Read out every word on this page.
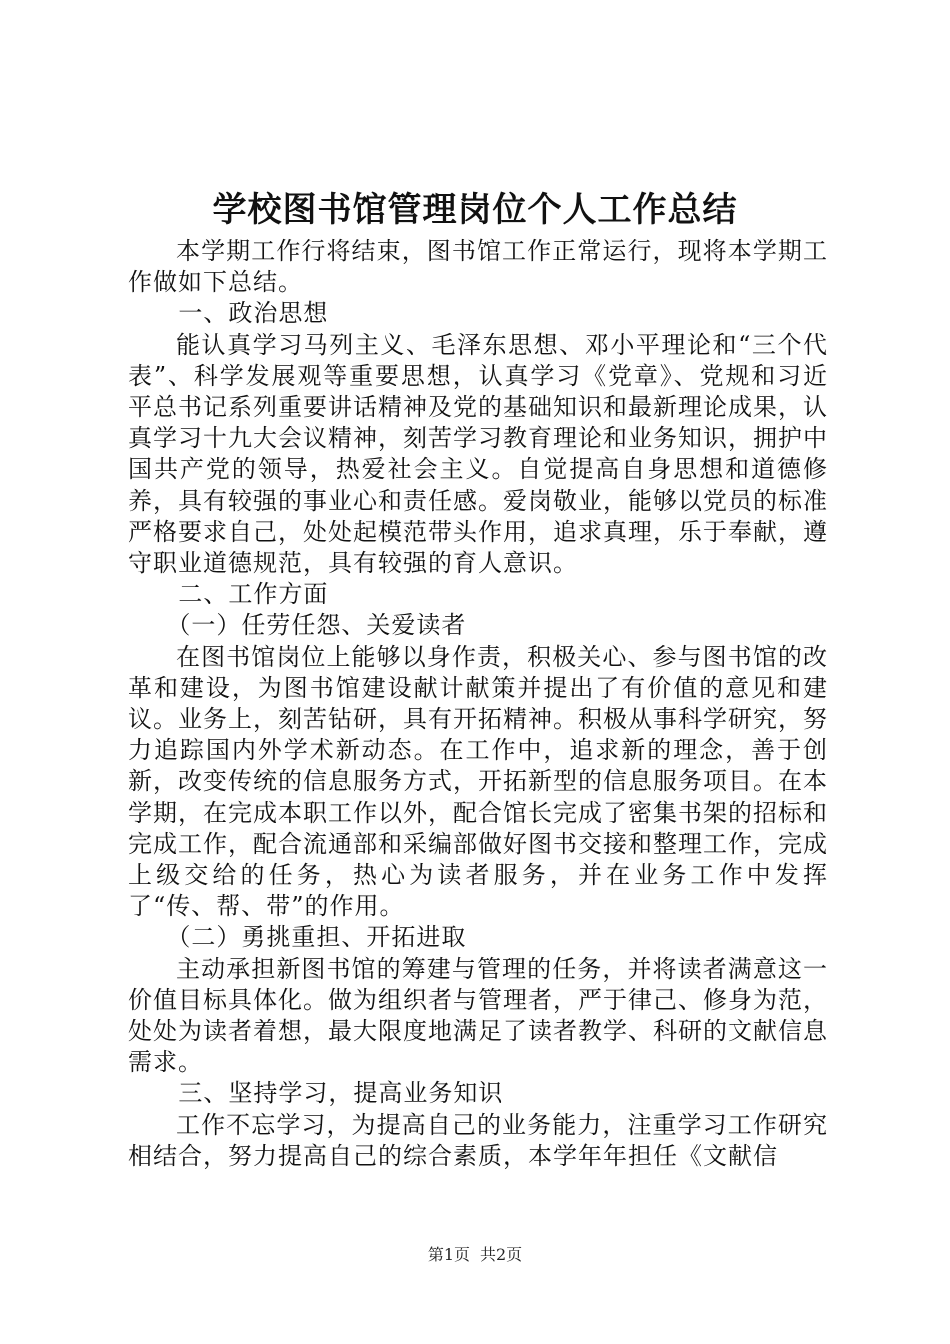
学校图书馆管理岗位个人工作总结

本学期工作行将结束，图书馆工作正常运行，现将本学期工作做如下总结。

一、政治思想

能认真学习马列主义、毛泽东思想、邓小平理论和“三个代表”、科学发展观等重要思想，认真学习《党章》、党规和习近平总书记系列重要讲话精神及党的基础知识和最新理论成果，认真学习十九大会议精神，刻苦学习教育理论和业务知识，拥护中国共产党的领导，热爱社会主义。自觉提高自身思想和道德修养，具有较强的事业心和责任感。爱岗敬业，能够以党员的标准严格要求自己，处处起模范带头作用，追求真理，乐于奉献，遵守职业道德规范，具有较强的育人意识。

二、工作方面

（一）任劳任怨、关爱读者

在图书馆岗位上能够以身作责，积极关心、参与图书馆的改革和建设，为图书馆建设献计献策并提出了有价值的意见和建议。业务上，刻苦钻研，具有开拓精神。积极从事科学研究，努力追踪国内外学术新动态。在工作中，追求新的理念，善于创新，改变传统的信息服务方式，开拓新型的信息服务项目。在本学期，在完成本职工作以外，配合馆长完成了密集书架的招标和完成工作，配合流通部和采编部做好图书交接和整理工作，完成上级交给的任务，热心为读者服务，并在业务工作中发挥了“传、帮、带”的作用。

（二）勇挑重担、开拓进取

主动承担新图书馆的筹建与管理的任务，并将读者满意这一价值目标具体化。做为组织者与管理者，严于律己、修身为范，处处为读者着想，最大限度地满足了读者教学、科研的文献信息需求。

三、坚持学习，提高业务知识

工作不忘学习，为提高自己的业务能力，注重学习工作研究相结合，努力提高自己的综合素质，本学年年担任《文献信

第1页 共2页
